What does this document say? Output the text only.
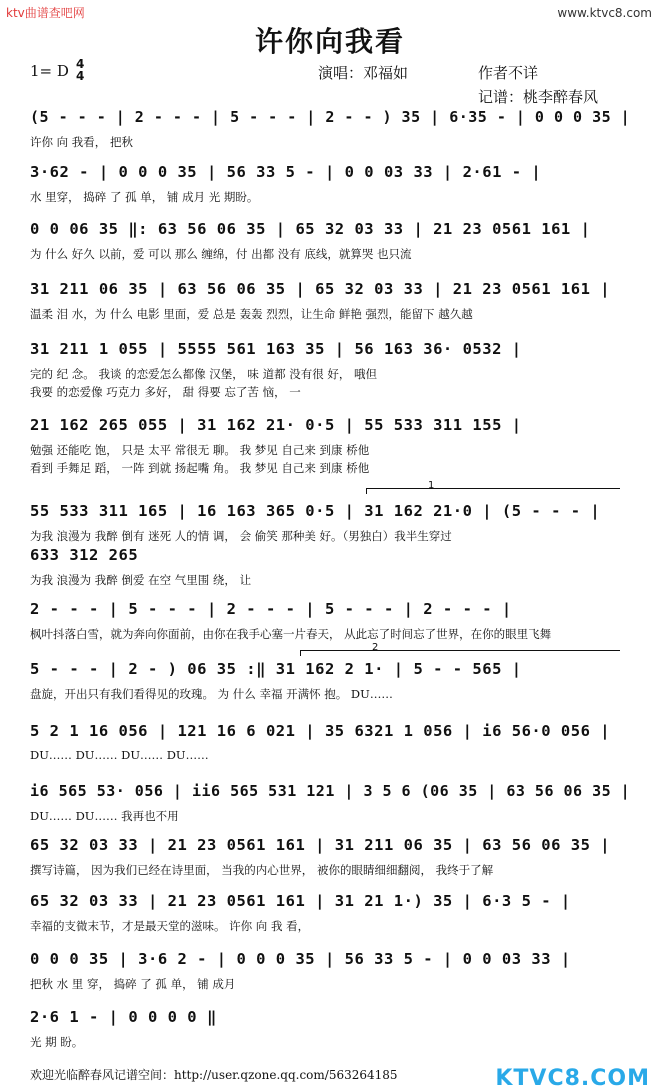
ktv曲谱查吧网	www.ktvc8.com
许你向我看
1= D 4
4	演唱：邓福如	作者不详
记谱：桃李醉春风
1
2
(5 - - - | 2 - - - | 5 - - - | 2 - - ) 35 | 6·35 - | 0 0 0 35 |
许你 向 我看， 把秋
3·62 - | 0 0 0 35 | 56 33 5 - | 0 0 03 33 | 2·61 - |
水 里穿， 捣碎 了 孤 单， 铺 成月 光 期盼。
0 0 06 35 ‖: 63 56 06 35 | 65 32 03 33 | 21 23 0561 161 |
为 什么 好久 以前，爱 可以 那么 缠绵，付 出都 没有 底线，就算哭 也只流
31 211 06 35 | 63 56 06 35 | 65 32 03 33 | 21 23 0561 161 |
温柔 泪 水，为 什么 电影 里面，爱 总是 轰轰 烈烈，让生命 鲜艳 强烈，能留下 越久越
31 211 1 055 | 5555 561 163 35 | 56 163 36· 0532 |
完的 纪 念。 我谈 的恋爱怎么都像 汉堡， 味 道都 没有很 好， 哦但
我要 的恋爱像 巧克力 多好， 甜 得要 忘了苦 恼， 一
21 162 265 055 | 31 162 21· 0·5 | 55 533 311 155 |
勉强 还能吃 饱， 只是 太平 常很无 聊。 我 梦见 自己来 到康 桥他
看到 手舞足 蹈， 一阵 到就 扬起嘴 角。 我 梦见 自己来 到康 桥他
55 533 311 165 | 16 163 365 0·5 | 31 162 21·0 | (5 - - - |
为我 浪漫为 我醉 倒有 迷死 人的情 调， 会 偷笑 那种美 好。（男独白）我半生穿过
633 312 265
为我 浪漫为 我醉 倒爱 在空 气里围 绕， 让
2 - - - | 5 - - - | 2 - - - | 5 - - - | 2 - - - |
枫叶抖落白雪，就为奔向你面前，由你在我手心塞一片春天， 从此忘了时间忘了世界，在你的眼里飞舞
5 - - - | 2 - ) 06 35 :‖ 31 162 2 1· | 5 - - 565 |
盘旋，开出只有我们看得见的玫瑰。 为 什么 幸福 开满怀 抱。 DU……
5 2 1 16 056 | 121 16 6 021 | 35 6321 1 056 | i6 56·0 056 |
DU…… DU…… DU…… DU……
i6 565 53· 056 | ii6 565 531 121 | 3 5 6 (06 35 | 63 56 06 35 |
DU…… DU…… 我再也不用
65 32 03 33 | 21 23 0561 161 | 31 211 06 35 | 63 56 06 35 |
撰写诗篇， 因为我们已经在诗里面， 当我的内心世界， 被你的眼睛细细翻阅， 我终于了解
65 32 03 33 | 21 23 0561 161 | 31 21 1·) 35 | 6·3 5 - |
幸福的支微末节，才是最天堂的滋味。 许你 向 我 看，
0 0 0 35 | 3·6 2 - | 0 0 0 35 | 56 33 5 - | 0 0 03 33 |
把秋 水 里 穿， 捣碎 了 孤 单， 铺 成月
2·6 1 - | 0 0 0 0 ‖
光 期 盼。
欢迎光临醉春风记谱空间：http://user.qzone.qq.com/563264185	KTVC8.COM
